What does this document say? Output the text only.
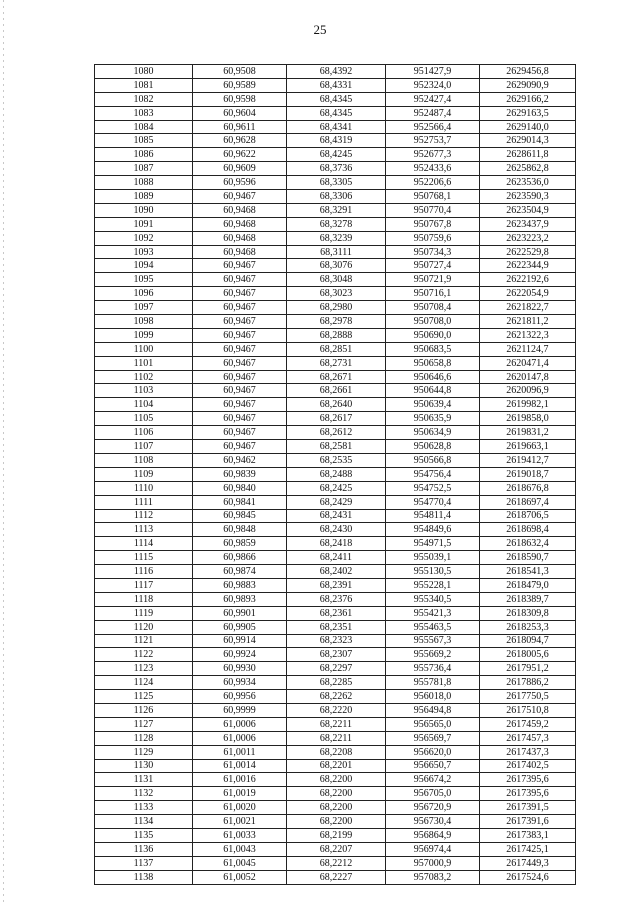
25
1080	60,9508	68,4392	951427,9	2629456,8
1081	60,9589	68,4331	952324,0	2629090,9
1082	60,9598	68,4345	952427,4	2629166,2
1083	60,9604	68,4345	952487,4	2629163,5
1084	60,9611	68,4341	952566,4	2629140,0
1085	60,9628	68,4319	952753,7	2629014,3
1086	60,9622	68,4245	952677,3	2628611,8
1087	60,9609	68,3736	952433,6	2625862,8
1088	60,9596	68,3305	952206,6	2623536,0
1089	60,9467	68,3306	950768,1	2623590,3
1090	60,9468	68,3291	950770,4	2623504,9
1091	60,9468	68,3278	950767,8	2623437,9
1092	60,9468	68,3239	950759,6	2623223,2
1093	60,9468	68,3111	950734,3	2622529,8
1094	60,9467	68,3076	950727,4	2622344,9
1095	60,9467	68,3048	950721,9	2622192,6
1096	60,9467	68,3023	950716,1	2622054,9
1097	60,9467	68,2980	950708,4	2621822,7
1098	60,9467	68,2978	950708,0	2621811,2
1099	60,9467	68,2888	950690,0	2621322,3
1100	60,9467	68,2851	950683,5	2621124,7
1101	60,9467	68,2731	950658,8	2620471,4
1102	60,9467	68,2671	950646,6	2620147,8
1103	60,9467	68,2661	950644,8	2620096,9
1104	60,9467	68,2640	950639,4	2619982,1
1105	60,9467	68,2617	950635,9	2619858,0
1106	60,9467	68,2612	950634,9	2619831,2
1107	60,9467	68,2581	950628,8	2619663,1
1108	60,9462	68,2535	950566,8	2619412,7
1109	60,9839	68,2488	954756,4	2619018,7
1110	60,9840	68,2425	954752,5	2618676,8
1111	60,9841	68,2429	954770,4	2618697,4
1112	60,9845	68,2431	954811,4	2618706,5
1113	60,9848	68,2430	954849,6	2618698,4
1114	60,9859	68,2418	954971,5	2618632,4
1115	60,9866	68,2411	955039,1	2618590,7
1116	60,9874	68,2402	955130,5	2618541,3
1117	60,9883	68,2391	955228,1	2618479,0
1118	60,9893	68,2376	955340,5	2618389,7
1119	60,9901	68,2361	955421,3	2618309,8
1120	60,9905	68,2351	955463,5	2618253,3
1121	60,9914	68,2323	955567,3	2618094,7
1122	60,9924	68,2307	955669,2	2618005,6
1123	60,9930	68,2297	955736,4	2617951,2
1124	60,9934	68,2285	955781,8	2617886,2
1125	60,9956	68,2262	956018,0	2617750,5
1126	60,9999	68,2220	956494,8	2617510,8
1127	61,0006	68,2211	956565,0	2617459,2
1128	61,0006	68,2211	956569,7	2617457,3
1129	61,0011	68,2208	956620,0	2617437,3
1130	61,0014	68,2201	956650,7	2617402,5
1131	61,0016	68,2200	956674,2	2617395,6
1132	61,0019	68,2200	956705,0	2617395,6
1133	61,0020	68,2200	956720,9	2617391,5
1134	61,0021	68,2200	956730,4	2617391,6
1135	61,0033	68,2199	956864,9	2617383,1
1136	61,0043	68,2207	956974,4	2617425,1
1137	61,0045	68,2212	957000,9	2617449,3
1138	61,0052	68,2227	957083,2	2617524,6
